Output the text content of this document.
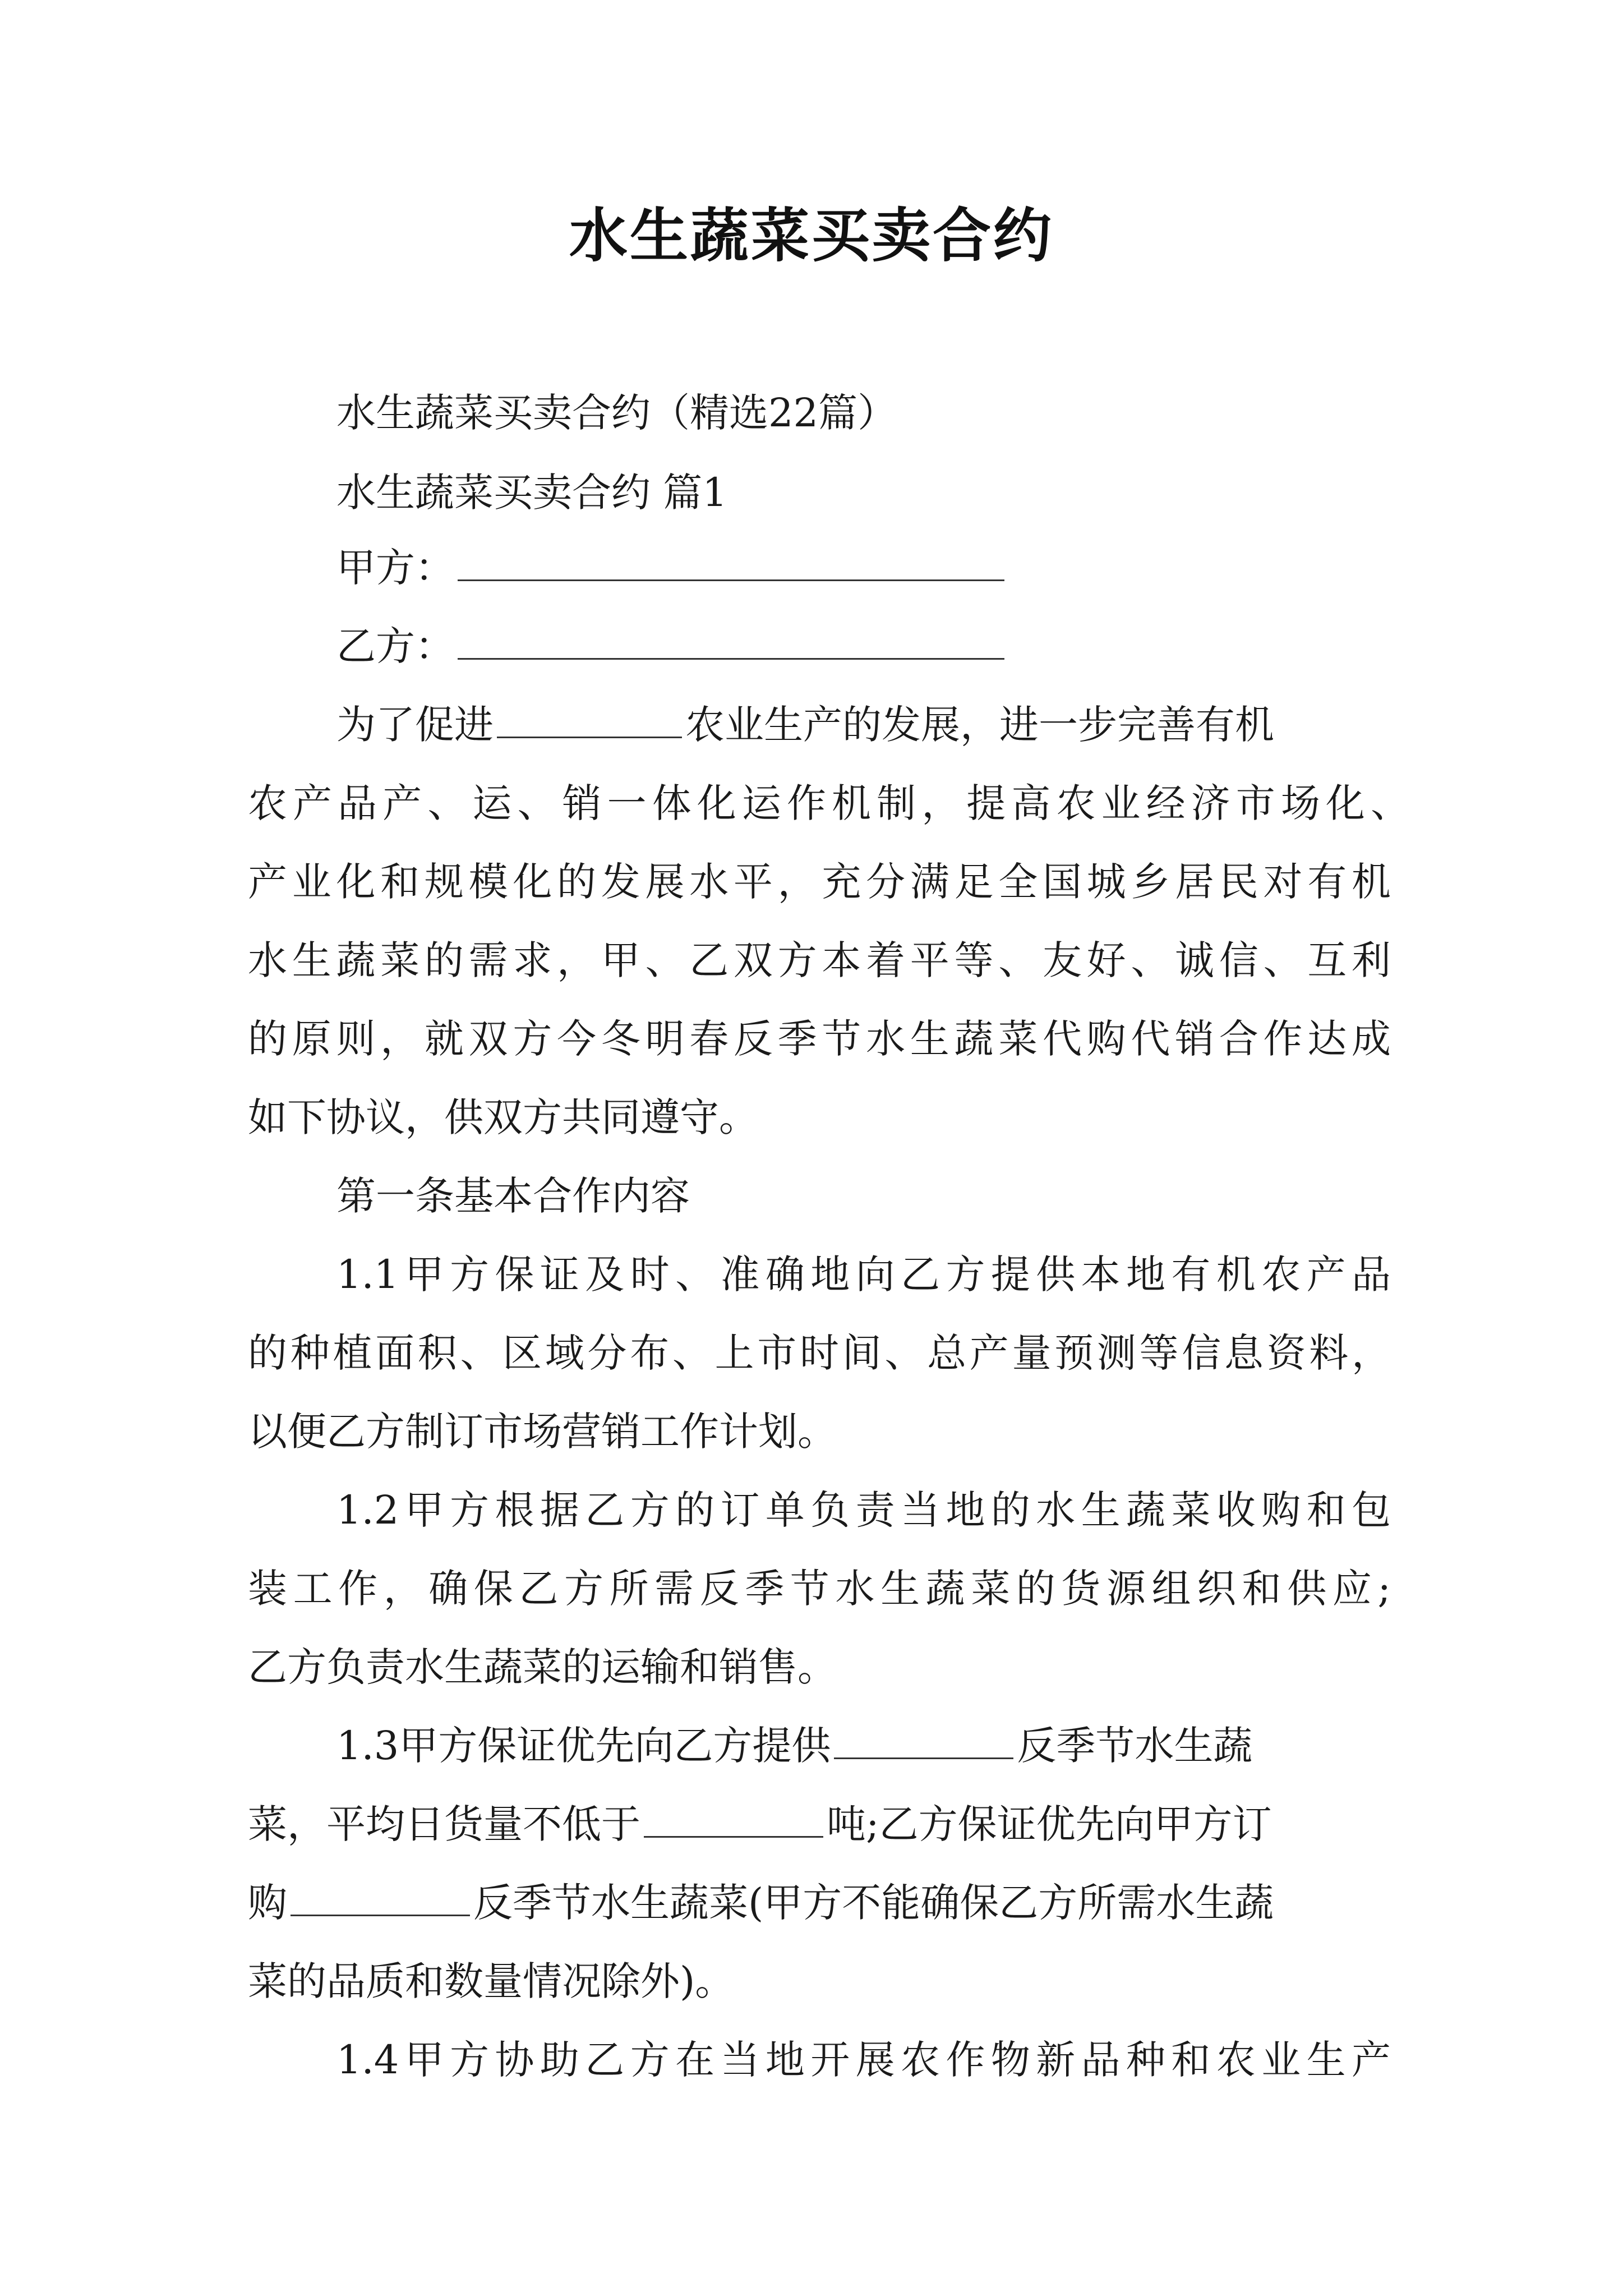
水生蔬菜买卖合约
水生蔬菜买卖合约（精选22篇）
水生蔬菜买卖合约 篇1
甲方：
乙方：
为了促进	农业生产的发展，进一步完善有机
农产品产、运、销一体化运作机制，提高农业经济市场化、
产业化和规模化的发展水平，充分满足全国城乡居民对有机
水生蔬菜的需求，甲、乙双方本着平等、友好、诚信、互利
的原则，就双方今冬明春反季节水生蔬菜代购代销合作达成
如下协议，供双方共同遵守。
第一条基本合作内容
1.1甲方保证及时、准确地向乙方提供本地有机农产品
的种植面积、区域分布、上市时间、总产量预测等信息资料，
以便乙方制订市场营销工作计划。
1.2甲方根据乙方的订单负责当地的水生蔬菜收购和包
装工作，确保乙方所需反季节水生蔬菜的货源组织和供应;
乙方负责水生蔬菜的运输和销售。
1.3甲方保证优先向乙方提供	反季节水生蔬
菜，平均日货量不低于	吨;乙方保证优先向甲方订
购	反季节水生蔬菜(甲方不能确保乙方所需水生蔬
菜的品质和数量情况除外)。
1.4甲方协助乙方在当地开展农作物新品种和农业生产
